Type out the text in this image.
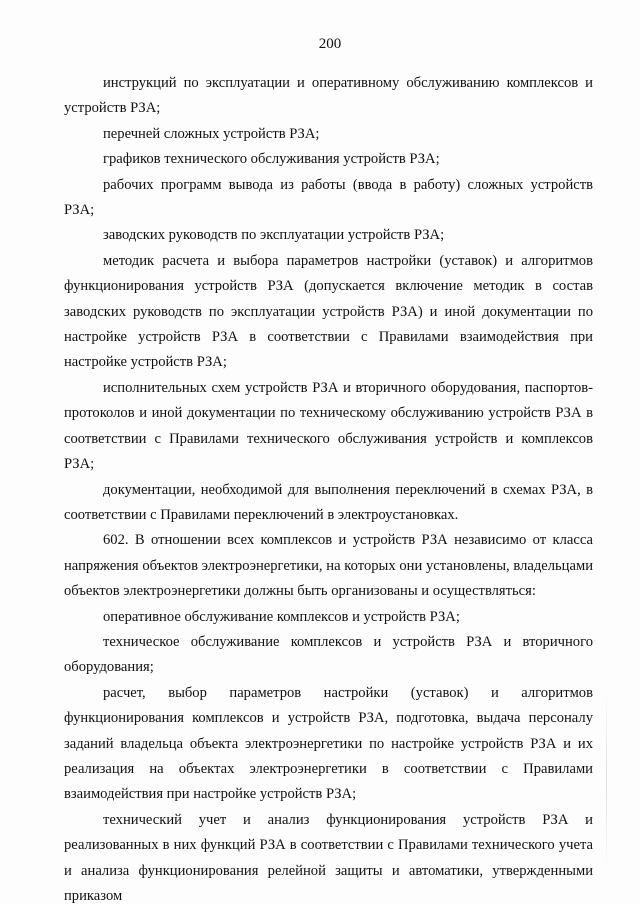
200

инструкций по эксплуатации и оперативному обслуживанию комплексов и устройств РЗА;

перечней сложных устройств РЗА;

графиков технического обслуживания устройств РЗА;

рабочих программ вывода из работы (ввода в работу) сложных устройств РЗА;

заводских руководств по эксплуатации устройств РЗА;

методик расчета и выбора параметров настройки (уставок) и алгоритмов функционирования устройств РЗА (допускается включение методик в состав заводских руководств по эксплуатации устройств РЗА) и иной документации по настройке устройств РЗА в соответствии с Правилами взаимодействия при настройке устройств РЗА;

исполнительных схем устройств РЗА и вторичного оборудования, паспортов-протоколов и иной документации по техническому обслуживанию устройств РЗА в соответствии с Правилами технического обслуживания устройств и комплексов РЗА;

документации, необходимой для выполнения переключений в схемах РЗА, в соответствии с Правилами переключений в электроустановках.

602. В отношении всех комплексов и устройств РЗА независимо от класса напряжения объектов электроэнергетики, на которых они установлены, владельцами объектов электроэнергетики должны быть организованы и осуществляться:

оперативное обслуживание комплексов и устройств РЗА;

техническое обслуживание комплексов и устройств РЗА и вторичного оборудования;

расчет, выбор параметров настройки (уставок) и алгоритмов функционирования комплексов и устройств РЗА, подготовка, выдача персоналу заданий владельца объекта электроэнергетики по настройке устройств РЗА и их реализация на объектах электроэнергетики в соответствии с Правилами взаимодействия при настройке устройств РЗА;

технический учет и анализ функционирования устройств РЗА и реализованных в них функций РЗА в соответствии с Правилами технического учета и анализа функционирования релейной защиты и автоматики, утвержденными приказом
